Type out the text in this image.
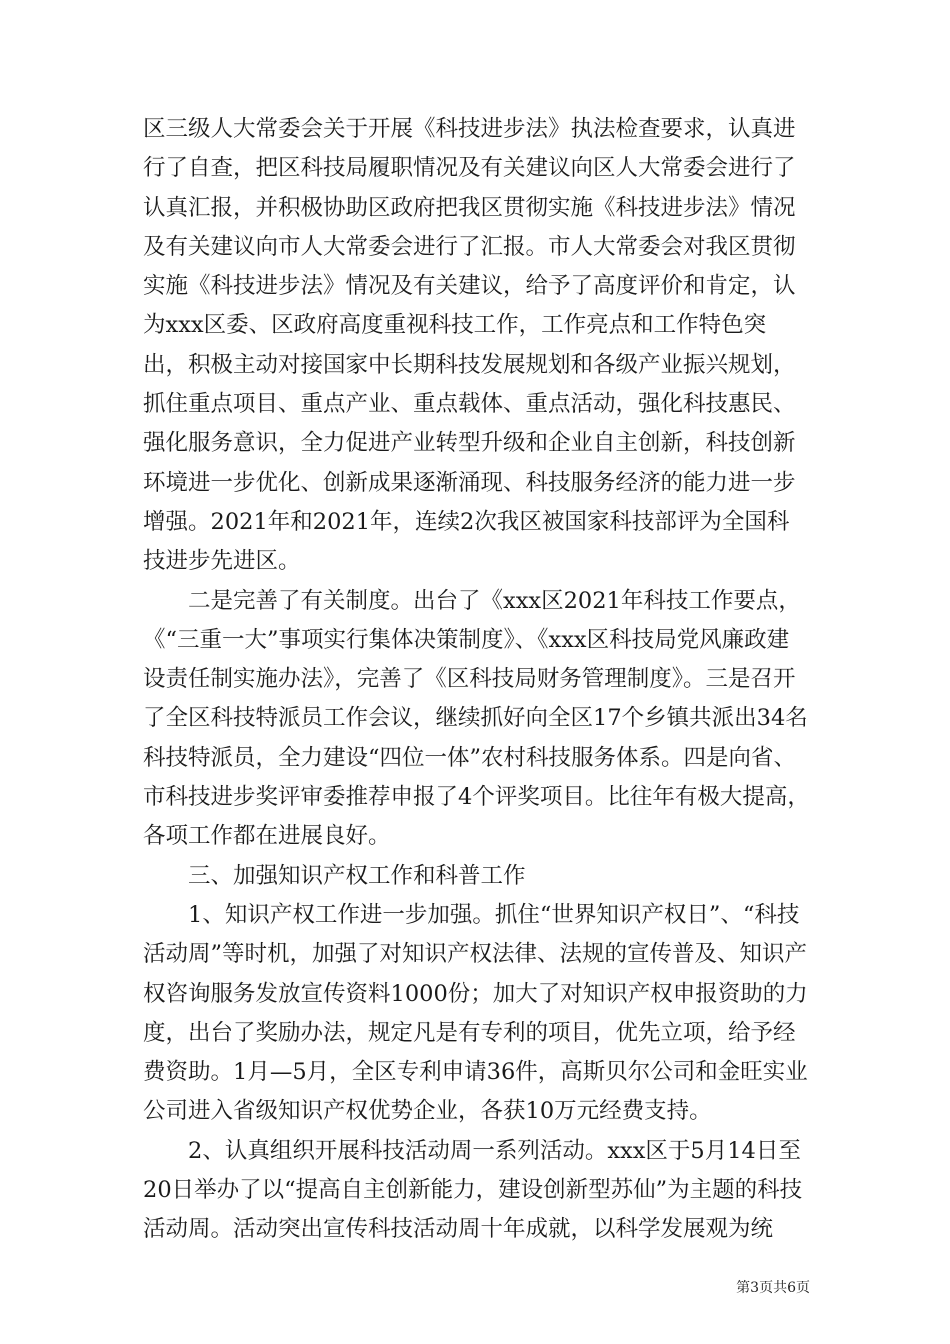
区三级人大常委会关于开展《科技进步法》执法检查要求，认真进行了自查，把区科技局履职情况及有关建议向区人大常委会进行了认真汇报，并积极协助区政府把我区贯彻实施《科技进步法》情况及有关建议向市人大常委会进行了汇报。市人大常委会对我区贯彻实施《科技进步法》情况及有关建议，给予了高度评价和肯定，认为xxx区委、区政府高度重视科技工作，工作亮点和工作特色突出，积极主动对接国家中长期科技发展规划和各级产业振兴规划，抓住重点项目、重点产业、重点载体、重点活动，强化科技惠民、强化服务意识，全力促进产业转型升级和企业自主创新，科技创新环境进一步优化、创新成果逐渐涌现、科技服务经济的能力进一步增强。2021年和2021年，连续2次我区被国家科技部评为全国科技进步先进区。

二是完善了有关制度。出台了《xxx区2021年科技工作要点，《“三重一大”事项实行集体决策制度》、《xxx区科技局党风廉政建设责任制实施办法》，完善了《区科技局财务管理制度》。三是召开了全区科技特派员工作会议，继续抓好向全区17个乡镇共派出34名科技特派员，全力建设“四位一体”农村科技服务体系。四是向省、市科技进步奖评审委推荐申报了4个评奖项目。比往年有极大提高，各项工作都在进展良好。

三、加强知识产权工作和科普工作

1、知识产权工作进一步加强。抓住“世界知识产权日”、“科技活动周”等时机，加强了对知识产权法律、法规的宣传普及、知识产权咨询服务发放宣传资料1000份；加大了对知识产权申报资助的力度，出台了奖励办法，规定凡是有专利的项目，优先立项，给予经费资助。1月—5月，全区专利申请36件，高斯贝尔公司和金旺实业公司进入省级知识产权优势企业，各获10万元经费支持。

2、认真组织开展科技活动周一系列活动。xxx区于5月14日至20日举办了以“提高自主创新能力，建设创新型苏仙”为主题的科技活动周。活动突出宣传科技活动周十年成就，以科学发展观为统

第3页共6页
